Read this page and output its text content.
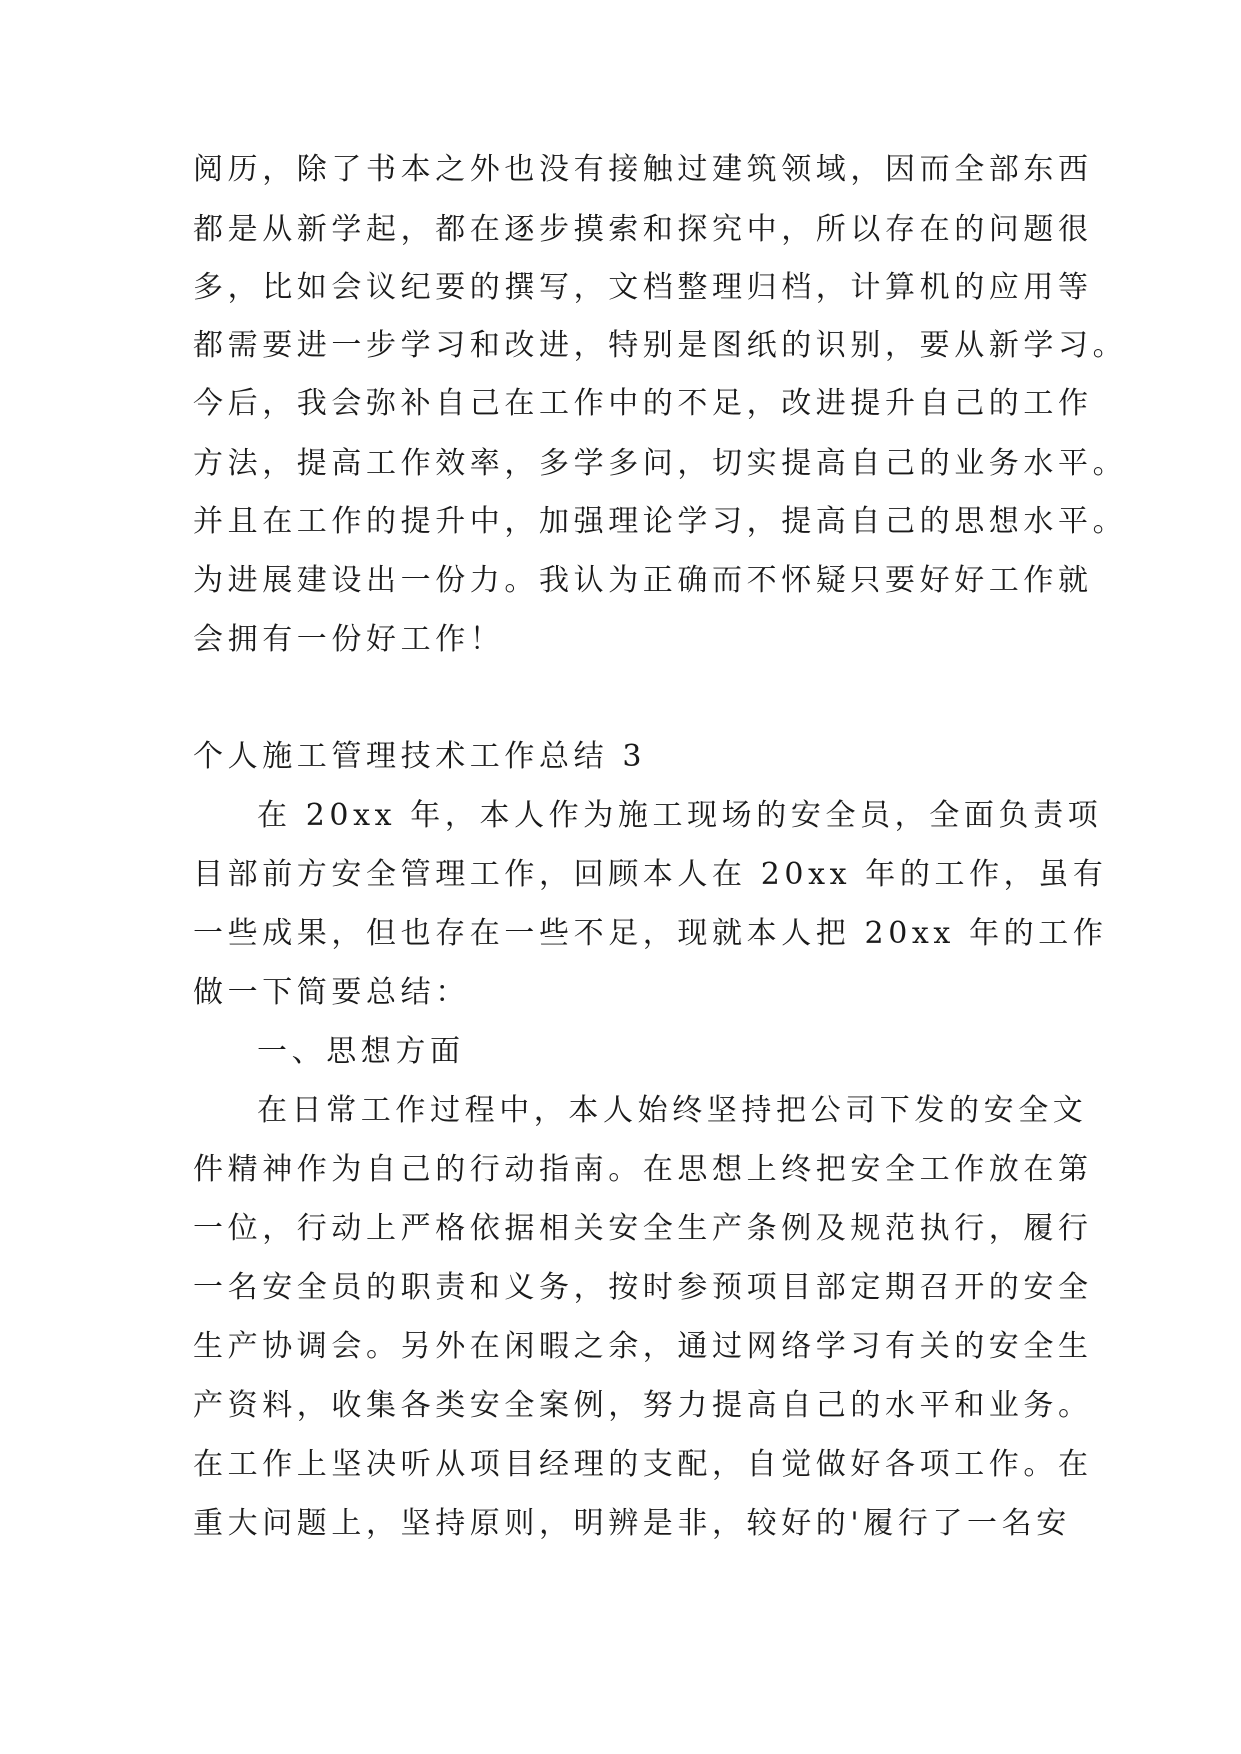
阅历，除了书本之外也没有接触过建筑领域，因而全部东西
都是从新学起，都在逐步摸索和探究中，所以存在的问题很
多，比如会议纪要的撰写，文档整理归档，计算机的应用等
都需要进一步学习和改进，特别是图纸的识别，要从新学习。
今后，我会弥补自己在工作中的不足，改进提升自己的工作
方法，提高工作效率，多学多问，切实提高自己的业务水平。
并且在工作的提升中，加强理论学习，提高自己的思想水平。
为进展建设出一份力。我认为正确而不怀疑只要好好工作就
会拥有一份好工作！
个人施工管理技术工作总结 3
在 20xx 年，本人作为施工现场的安全员，全面负责项
目部前方安全管理工作，回顾本人在 20xx 年的工作，虽有
一些成果，但也存在一些不足，现就本人把 20xx 年的工作
做一下简要总结：
一、思想方面
在日常工作过程中，本人始终坚持把公司下发的安全文
件精神作为自己的行动指南。在思想上终把安全工作放在第
一位，行动上严格依据相关安全生产条例及规范执行，履行
一名安全员的职责和义务，按时参预项目部定期召开的安全
生产协调会。另外在闲暇之余，通过网络学习有关的安全生
产资料，收集各类安全案例，努力提高自己的水平和业务。
在工作上坚决听从项目经理的支配，自觉做好各项工作。在
重大问题上，坚持原则，明辨是非，较好的'履行了一名安
